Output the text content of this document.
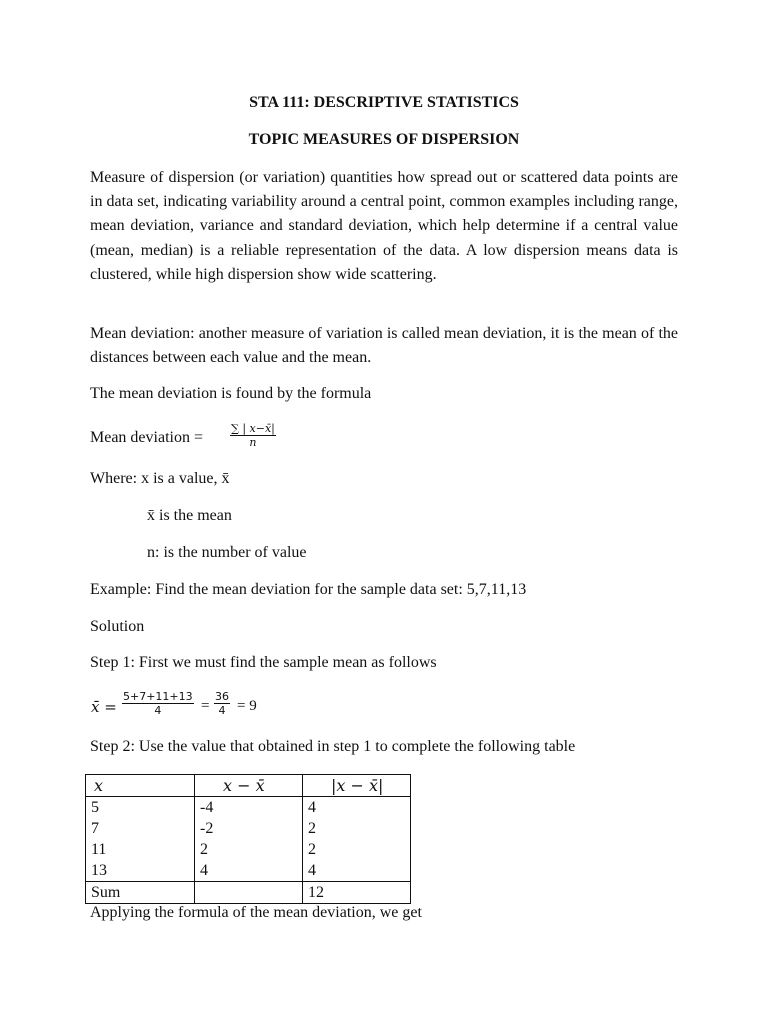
STA 111: DESCRIPTIVE STATISTICS
TOPIC MEASURES OF DISPERSION
Measure of dispersion (or variation) quantities how spread out or scattered data points are in data set, indicating variability around a central point, common examples including range, mean deviation, variance and standard deviation, which help determine if a central value (mean, median) is a reliable representation of the data. A low dispersion means data is clustered, while high dispersion show wide scattering.
Mean deviation: another measure of variation is called mean deviation, it is the mean of the distances between each value and the mean.
The mean deviation is found by the formula
Mean deviation =
∑ | x−x̄|
n
Where: x is a value, x̄
x̄ is the mean
n: is the number of value
Example: Find the mean deviation for the sample data set: 5,7,11,13
Solution
Step 1: First we must find the sample mean as follows
x̄ =
5+7+11+13
4	=
36
4 = 9
Step 2: Use the value that obtained in step 1 to complete the following table
x	x − x̄	|x − x̄|
5	-4	4
7	-2	2
11	2	2
13	4	4
Sum		12
Applying the formula of the mean deviation, we get
